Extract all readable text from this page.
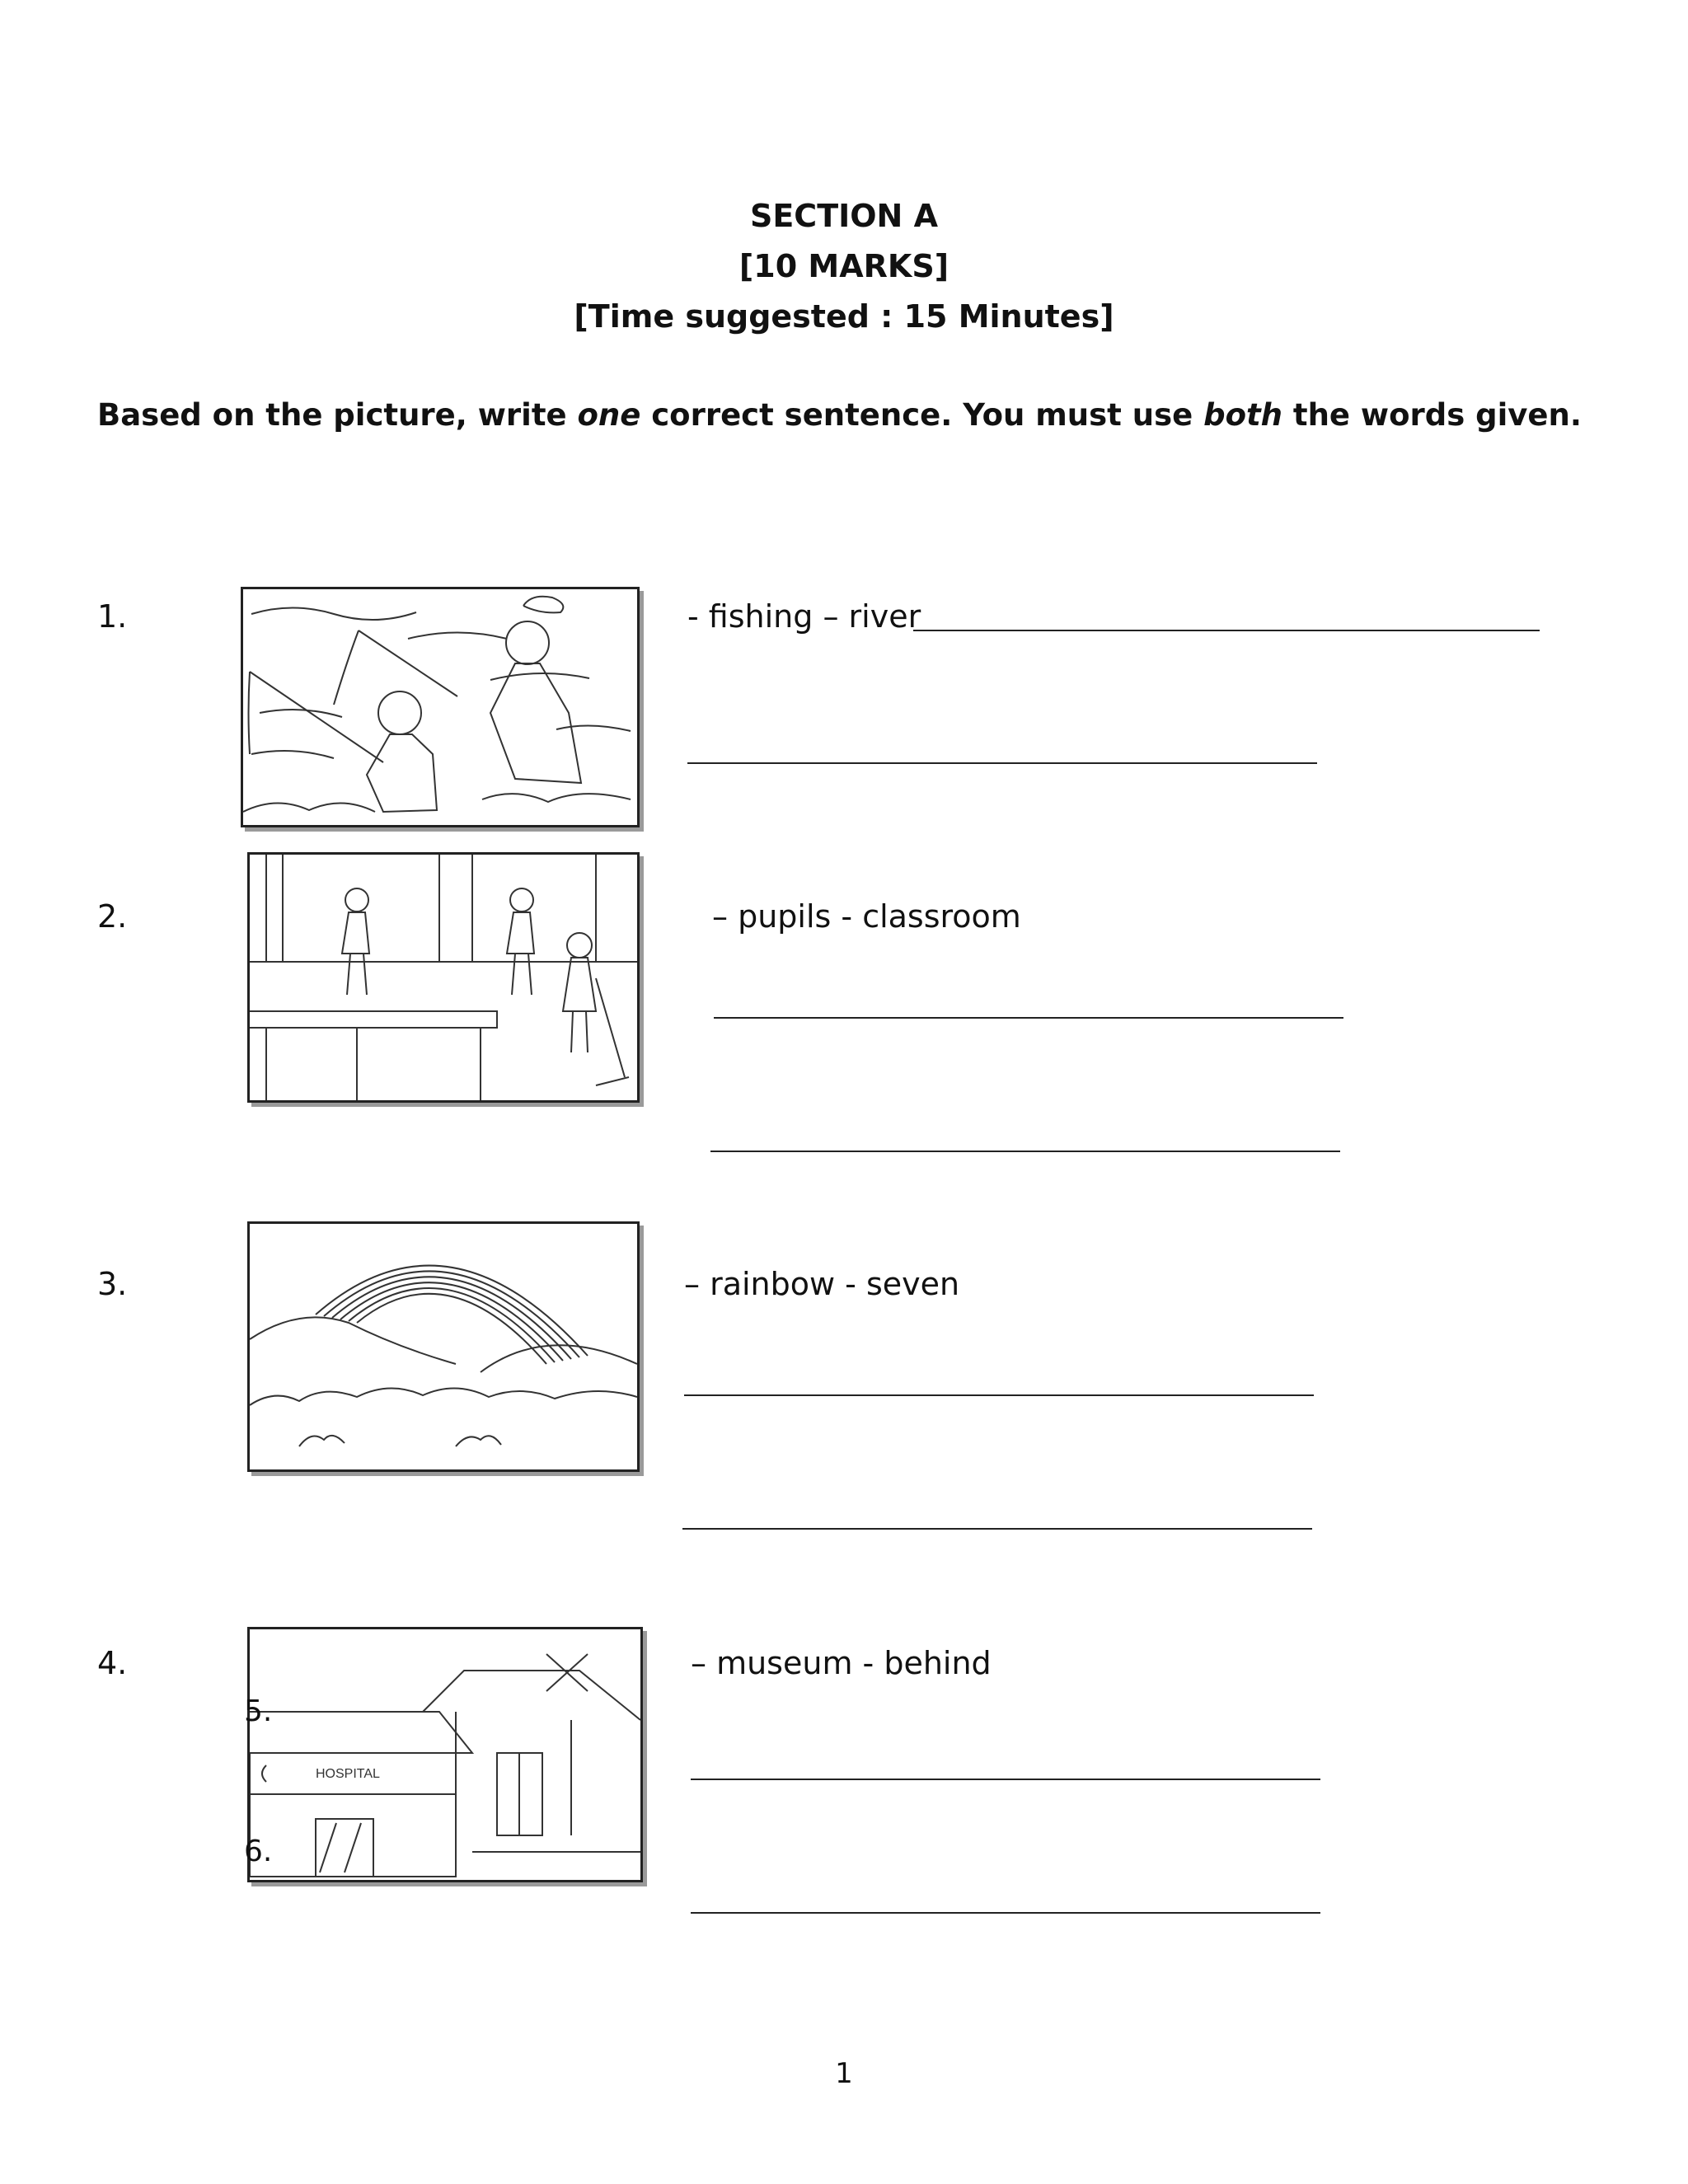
SECTION A
[10 MARKS]
[Time suggested : 15 Minutes]
Based on the picture, write one correct sentence. You must use both the words given.
1.	- fishing – river
2.	– pupils - classroom
3.	– rainbow - seven
4.
HOSPITAL
5.
6.
– museum - behind
1
